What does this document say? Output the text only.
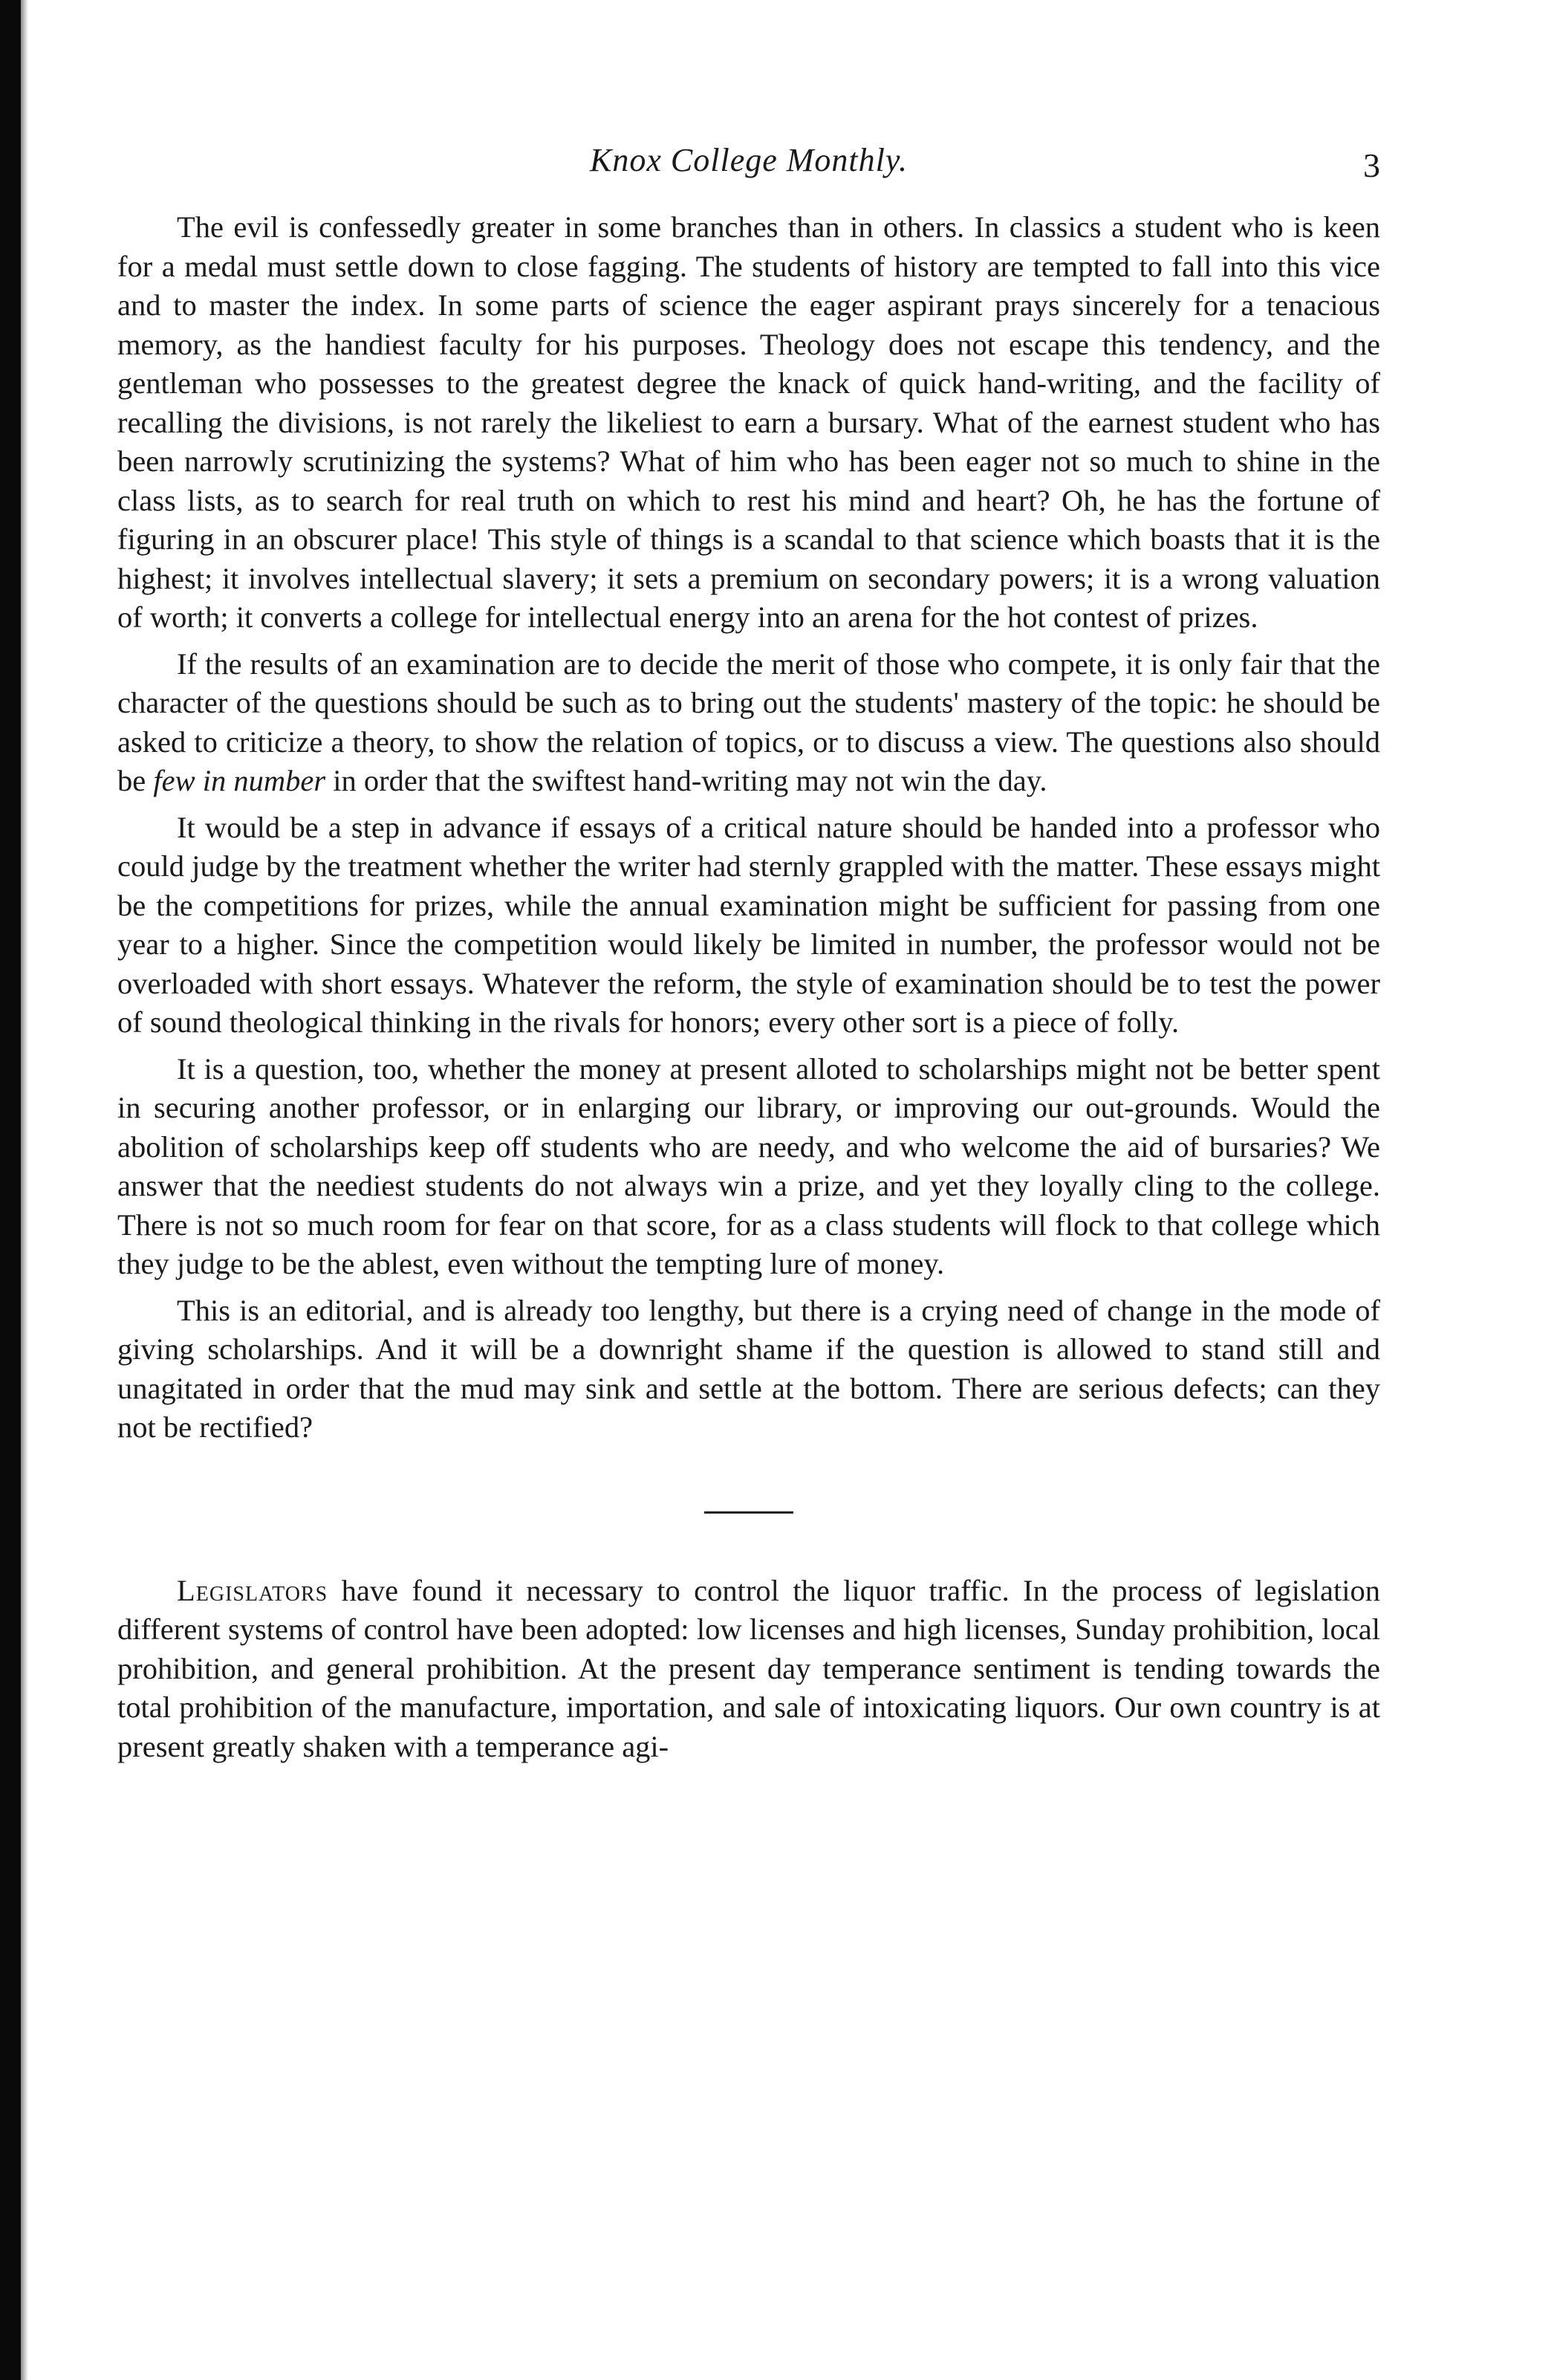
Knox College Monthly.	3

The evil is confessedly greater in some branches than in others. In classics a student who is keen for a medal must settle down to close fagging. The students of history are tempted to fall into this vice and to master the index. In some parts of science the eager aspirant prays sincerely for a tenacious memory, as the handiest faculty for his purposes. Theology does not escape this tendency, and the gentleman who possesses to the greatest degree the knack of quick hand-writing, and the facility of recalling the divisions, is not rarely the likeliest to earn a bursary. What of the earnest student who has been narrowly scrutinizing the systems? What of him who has been eager not so much to shine in the class lists, as to search for real truth on which to rest his mind and heart? Oh, he has the fortune of figuring in an obscurer place! This style of things is a scandal to that science which boasts that it is the highest; it involves intellectual slavery; it sets a premium on secondary powers; it is a wrong valuation of worth; it converts a college for intellectual energy into an arena for the hot contest of prizes.

If the results of an examination are to decide the merit of those who compete, it is only fair that the character of the questions should be such as to bring out the students' mastery of the topic: he should be asked to criticize a theory, to show the relation of topics, or to discuss a view. The questions also should be few in number in order that the swiftest hand-writing may not win the day.

It would be a step in advance if essays of a critical nature should be handed into a professor who could judge by the treatment whether the writer had sternly grappled with the matter. These essays might be the competitions for prizes, while the annual examination might be sufficient for passing from one year to a higher. Since the competition would likely be limited in number, the professor would not be overloaded with short essays. Whatever the reform, the style of examination should be to test the power of sound theological thinking in the rivals for honors; every other sort is a piece of folly.

It is a question, too, whether the money at present alloted to scholarships might not be better spent in securing another professor, or in enlarging our library, or improving our out-grounds. Would the abolition of scholarships keep off students who are needy, and who welcome the aid of bursaries? We answer that the neediest students do not always win a prize, and yet they loyally cling to the college. There is not so much room for fear on that score, for as a class students will flock to that college which they judge to be the ablest, even without the tempting lure of money.

This is an editorial, and is already too lengthy, but there is a crying need of change in the mode of giving scholarships. And it will be a downright shame if the question is allowed to stand still and unagitated in order that the mud may sink and settle at the bottom. There are serious defects; can they not be rectified?

Legislators have found it necessary to control the liquor traffic. In the process of legislation different systems of control have been adopted: low licenses and high licenses, Sunday prohibition, local prohibition, and general prohibition. At the present day temperance sentiment is tending towards the total prohibition of the manufacture, importation, and sale of intoxicating liquors. Our own country is at present greatly shaken with a temperance agi-
